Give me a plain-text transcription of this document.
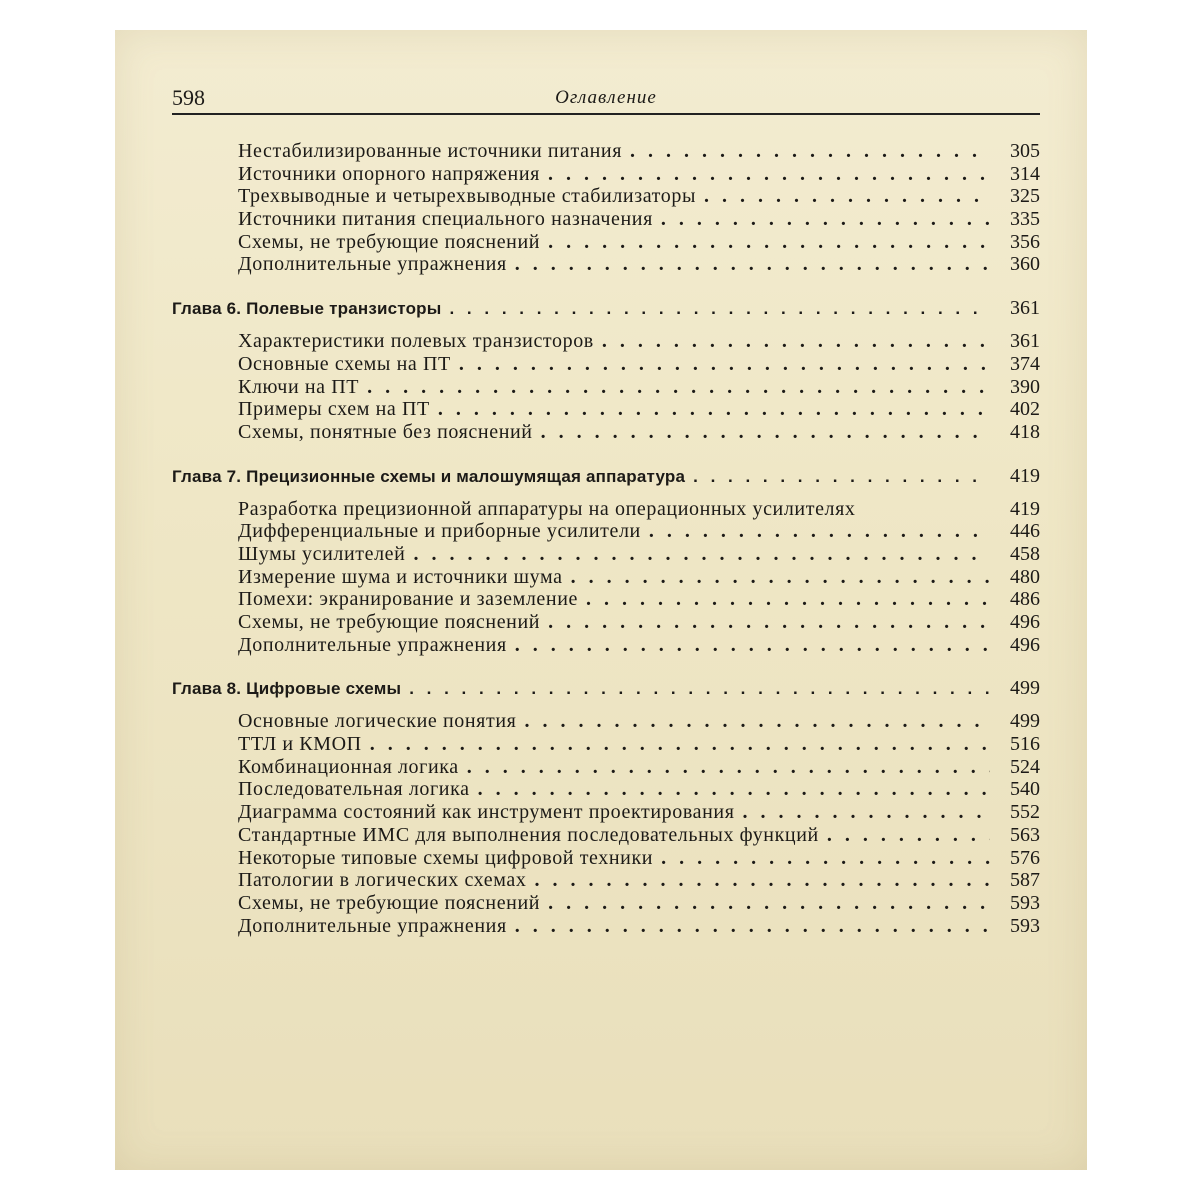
598	Оглавление
Нестабилизированные источники питания . . .	305
Источники опорного напряжения . . .	314
Трехвыводные и четырехвыводные стабилизаторы . . .	325
Источники питания специального назначения . . .	335
Схемы, не требующие пояснений . . .	356
Дополнительные упражнения . . .	360
Глава 6. Полевые транзисторы . . .	361
Характеристики полевых транзисторов . . .	361
Основные схемы на ПТ . . .	374
Ключи на ПТ . . .	390
Примеры схем на ПТ . . .	402
Схемы, понятные без пояснений . . .	418
Глава 7. Прецизионные схемы и малошумящая аппаратура . . .	419
Разработка прецизионной аппаратуры на операционных усилителях	419
Дифференциальные и приборные усилители . . .	446
Шумы усилителей . . .	458
Измерение шума и источники шума . . .	480
Помехи: экранирование и заземление . . .	486
Схемы, не требующие пояснений . . .	496
Дополнительные упражнения . . .	496
Глава 8. Цифровые схемы . . .	499
Основные логические понятия . . .	499
ТТЛ и КМОП . . .	516
Комбинационная логика . . .	524
Последовательная логика . . .	540
Диаграмма состояний как инструмент проектирования . . .	552
Стандартные ИМС для выполнения последовательных функций . . .	563
Некоторые типовые схемы цифровой техники . . .	576
Патологии в логических схемах . . .	587
Схемы, не требующие пояснений . . .	593
Дополнительные упражнения . . .	593
